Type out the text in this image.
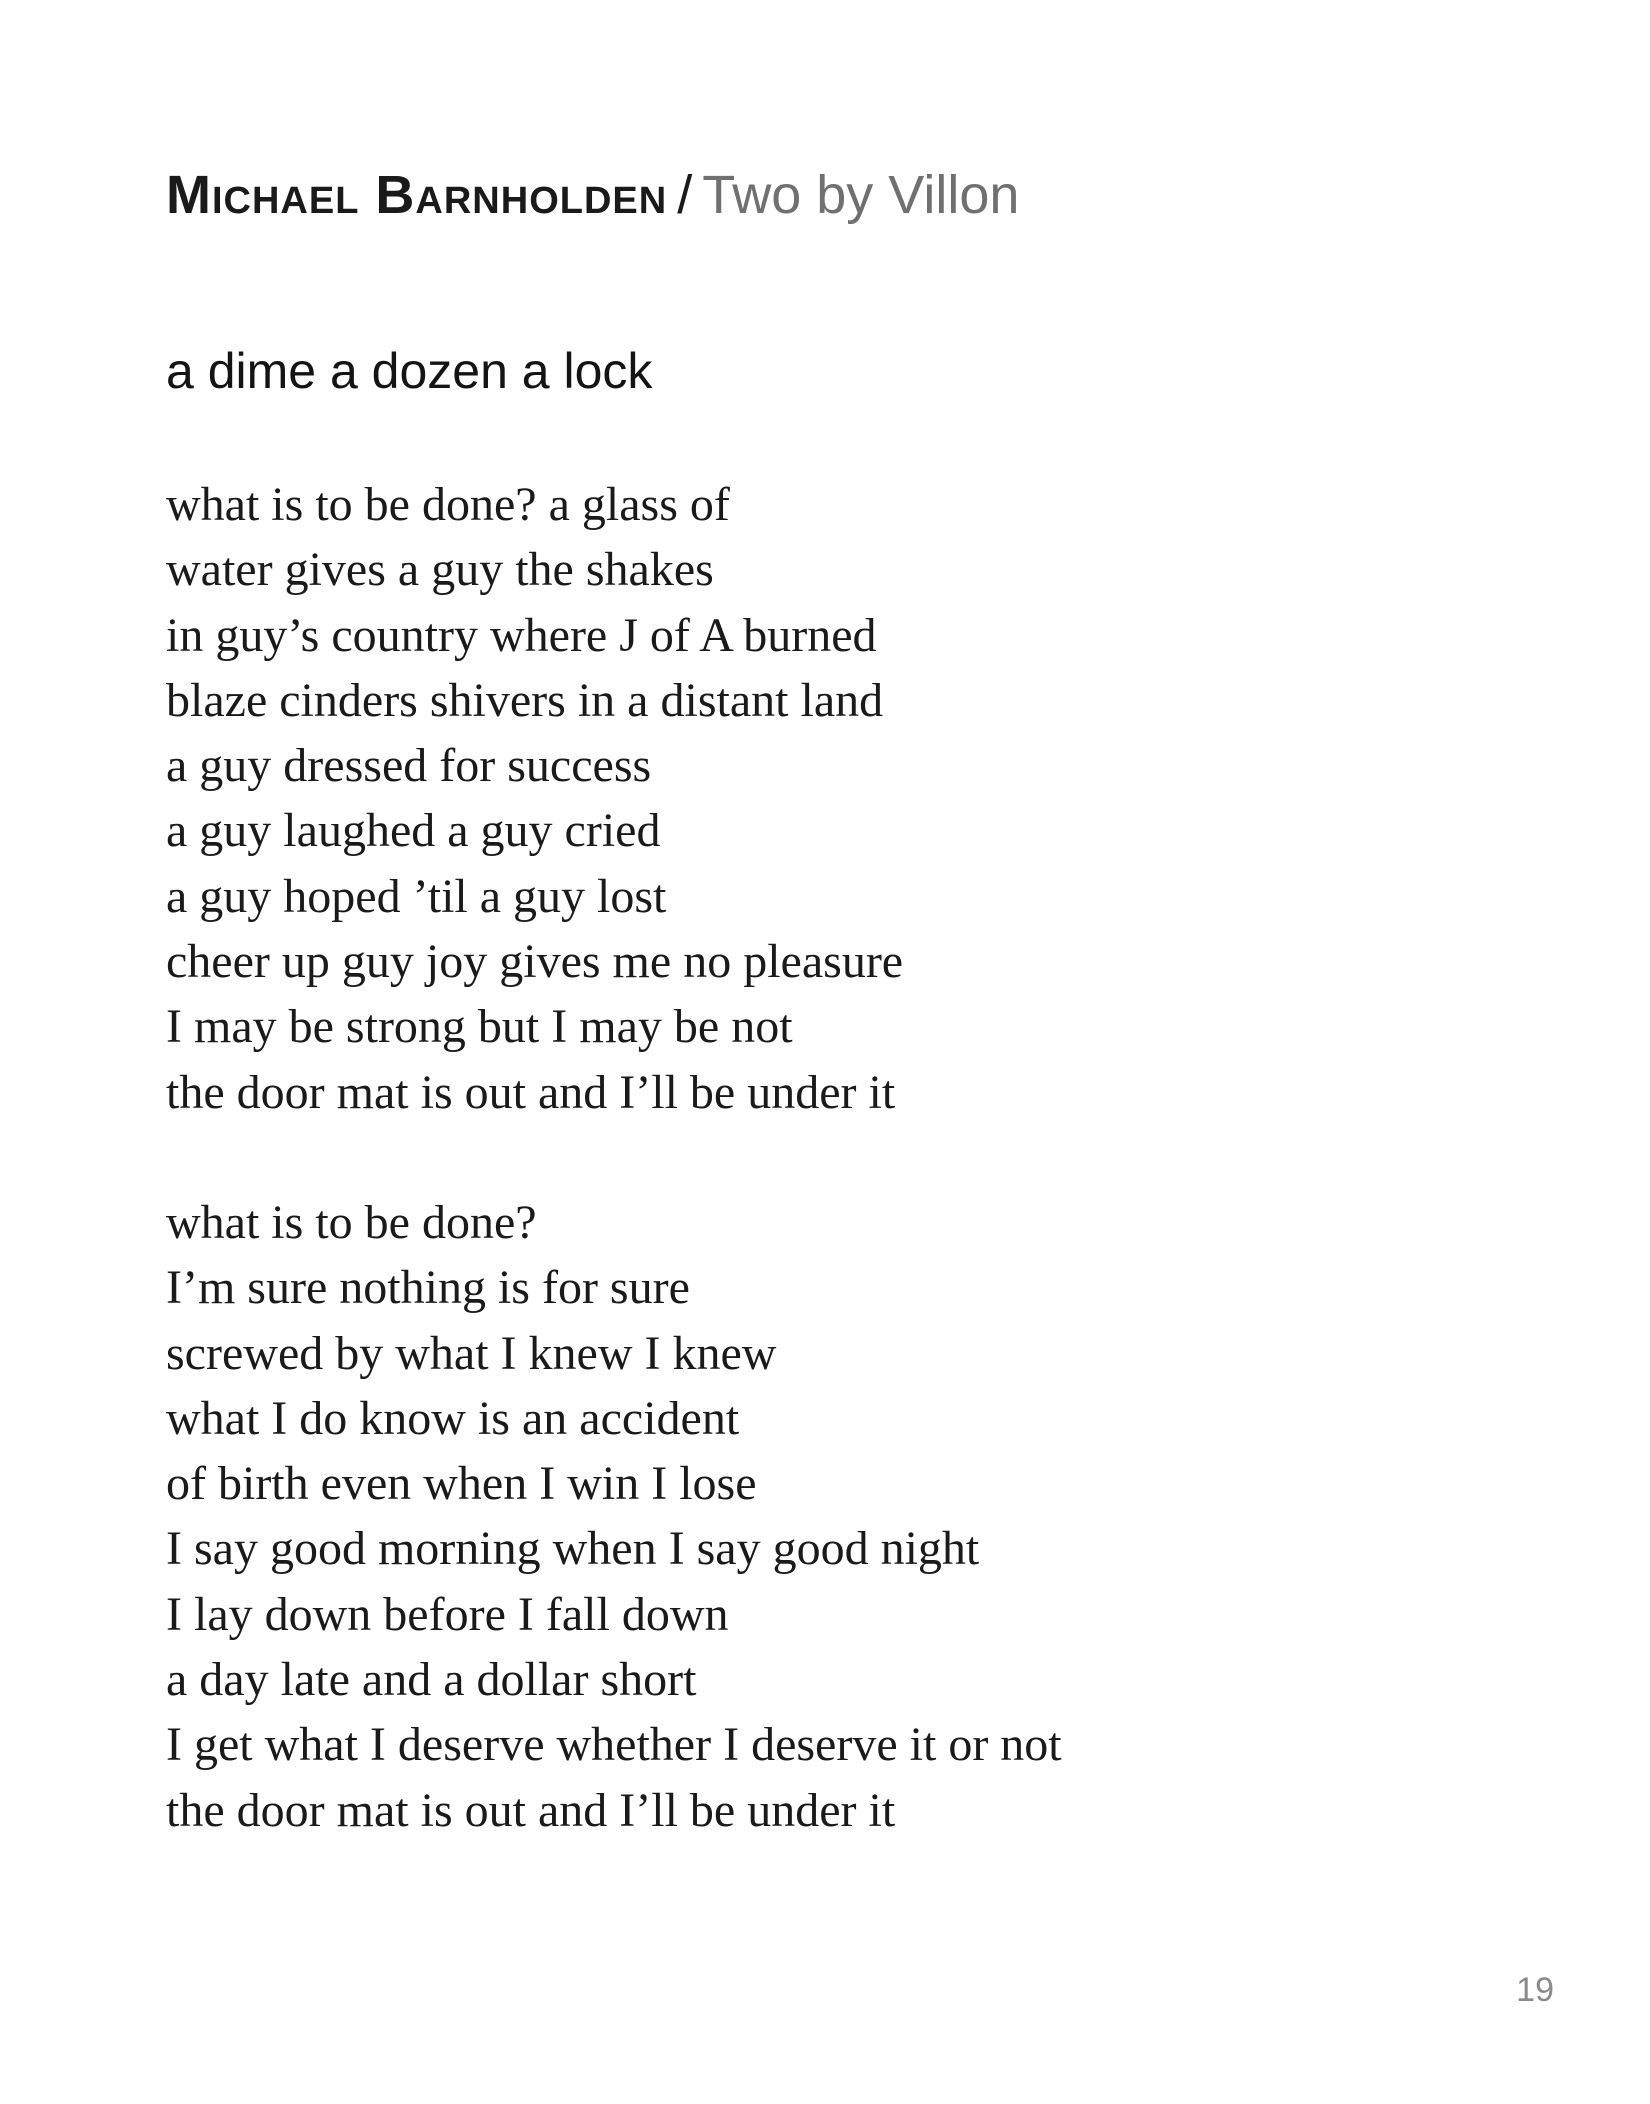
Michael Barnholden / Two by Villon
a dime a dozen a lock
what is to be done? a glass of
water gives a guy the shakes
in guy’s country where J of A burned
blaze cinders shivers in a distant land
a guy dressed for success
a guy laughed a guy cried
a guy hoped ’til a guy lost
cheer up guy joy gives me no pleasure
I may be strong but I may be not
the door mat is out and I’ll be under it
what is to be done?
I’m sure nothing is for sure
screwed by what I knew I knew
what I do know is an accident
of birth even when I win I lose
I say good morning when I say good night
I lay down before I fall down
a day late and a dollar short
I get what I deserve whether I deserve it or not
the door mat is out and I’ll be under it
19
